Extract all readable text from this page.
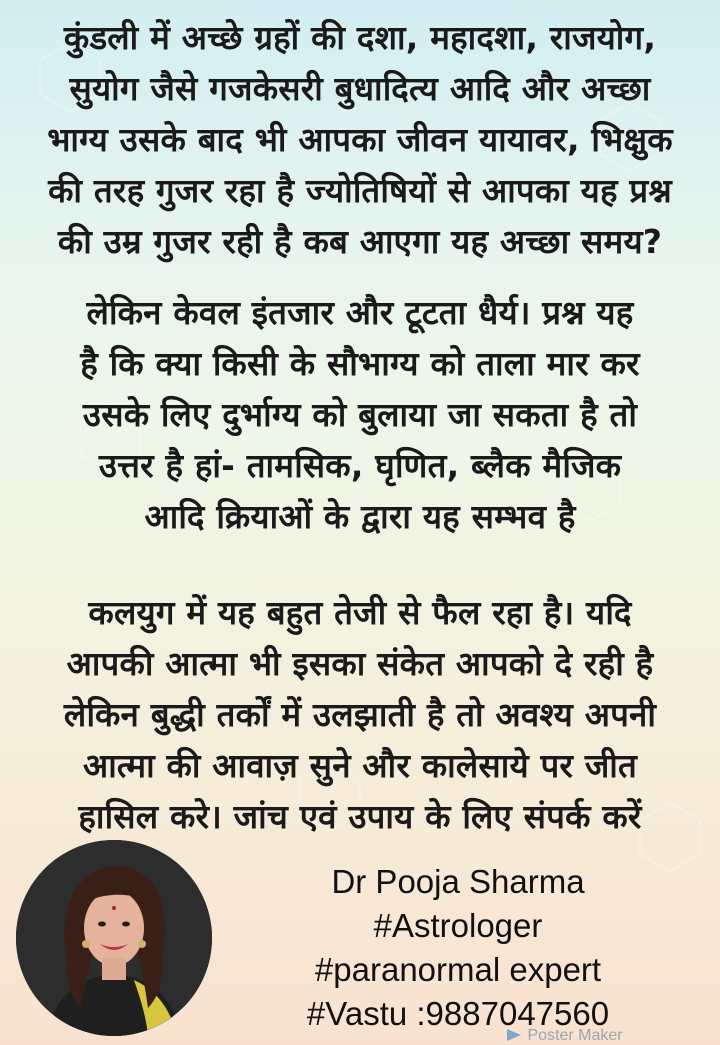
कुंडली में अच्छे ग्रहों की दशा, महादशा, राजयोग,
सुयोग जैसे गजकेसरी बुधादित्य आदि और अच्छा
भाग्य उसके बाद भी आपका जीवन यायावर, भिक्षुक
की तरह गुजर रहा है ज्योतिषियों से आपका यह प्रश्न
की उम्र गुजर रही है कब आएगा यह अच्छा समय?
लेकिन केवल इंतजार और टूटता धैर्य। प्रश्न यह
है कि क्या किसी के सौभाग्य को ताला मार कर
उसके लिए दुर्भाग्य को बुलाया जा सकता है तो
उत्तर है हां- तामसिक, घृणित, ब्लैक मैजिक
आदि क्रियाओं के द्वारा यह सम्भव है
कलयुग में यह बहुत तेजी से फैल रहा है। यदि
आपकी आत्मा भी इसका संकेत आपको दे रही है
लेकिन बुद्धी तर्कों में उलझाती है तो अवश्य अपनी
आत्मा की आवाज़ सुने और कालेसाये पर जीत
हासिल करे। जांच एवं उपाय के लिए संपर्क करें
Dr Pooja Sharma
#Astrologer
#paranormal expert
#Vastu :9887047560
Poster Maker
